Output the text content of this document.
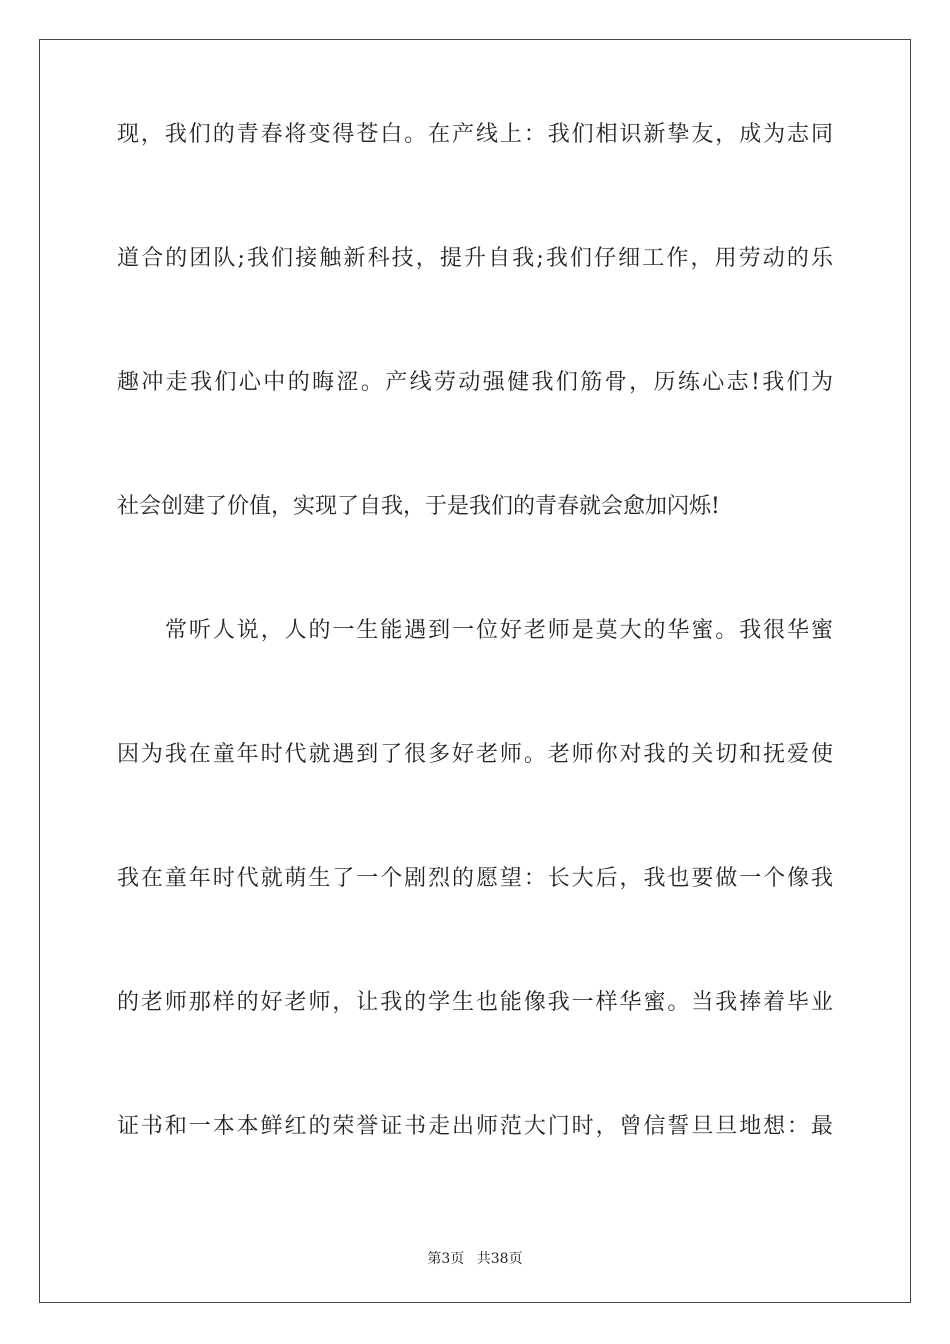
现，我们的青春将变得苍白。在产线上：我们相识新挚友，成为志同
道合的团队;我们接触新科技，提升自我;我们仔细工作，用劳动的乐
趣冲走我们心中的晦涩。产线劳动强健我们筋骨，历练心志!我们为
社会创建了价值，实现了自我，于是我们的青春就会愈加闪烁!
常听人说，人的一生能遇到一位好老师是莫大的华蜜。我很华蜜
因为我在童年时代就遇到了很多好老师。老师你对我的关切和抚爱使
我在童年时代就萌生了一个剧烈的愿望：长大后，我也要做一个像我
的老师那样的好老师，让我的学生也能像我一样华蜜。当我捧着毕业
证书和一本本鲜红的荣誉证书走出师范大门时，曾信誓旦旦地想：最
第3页 共38页
